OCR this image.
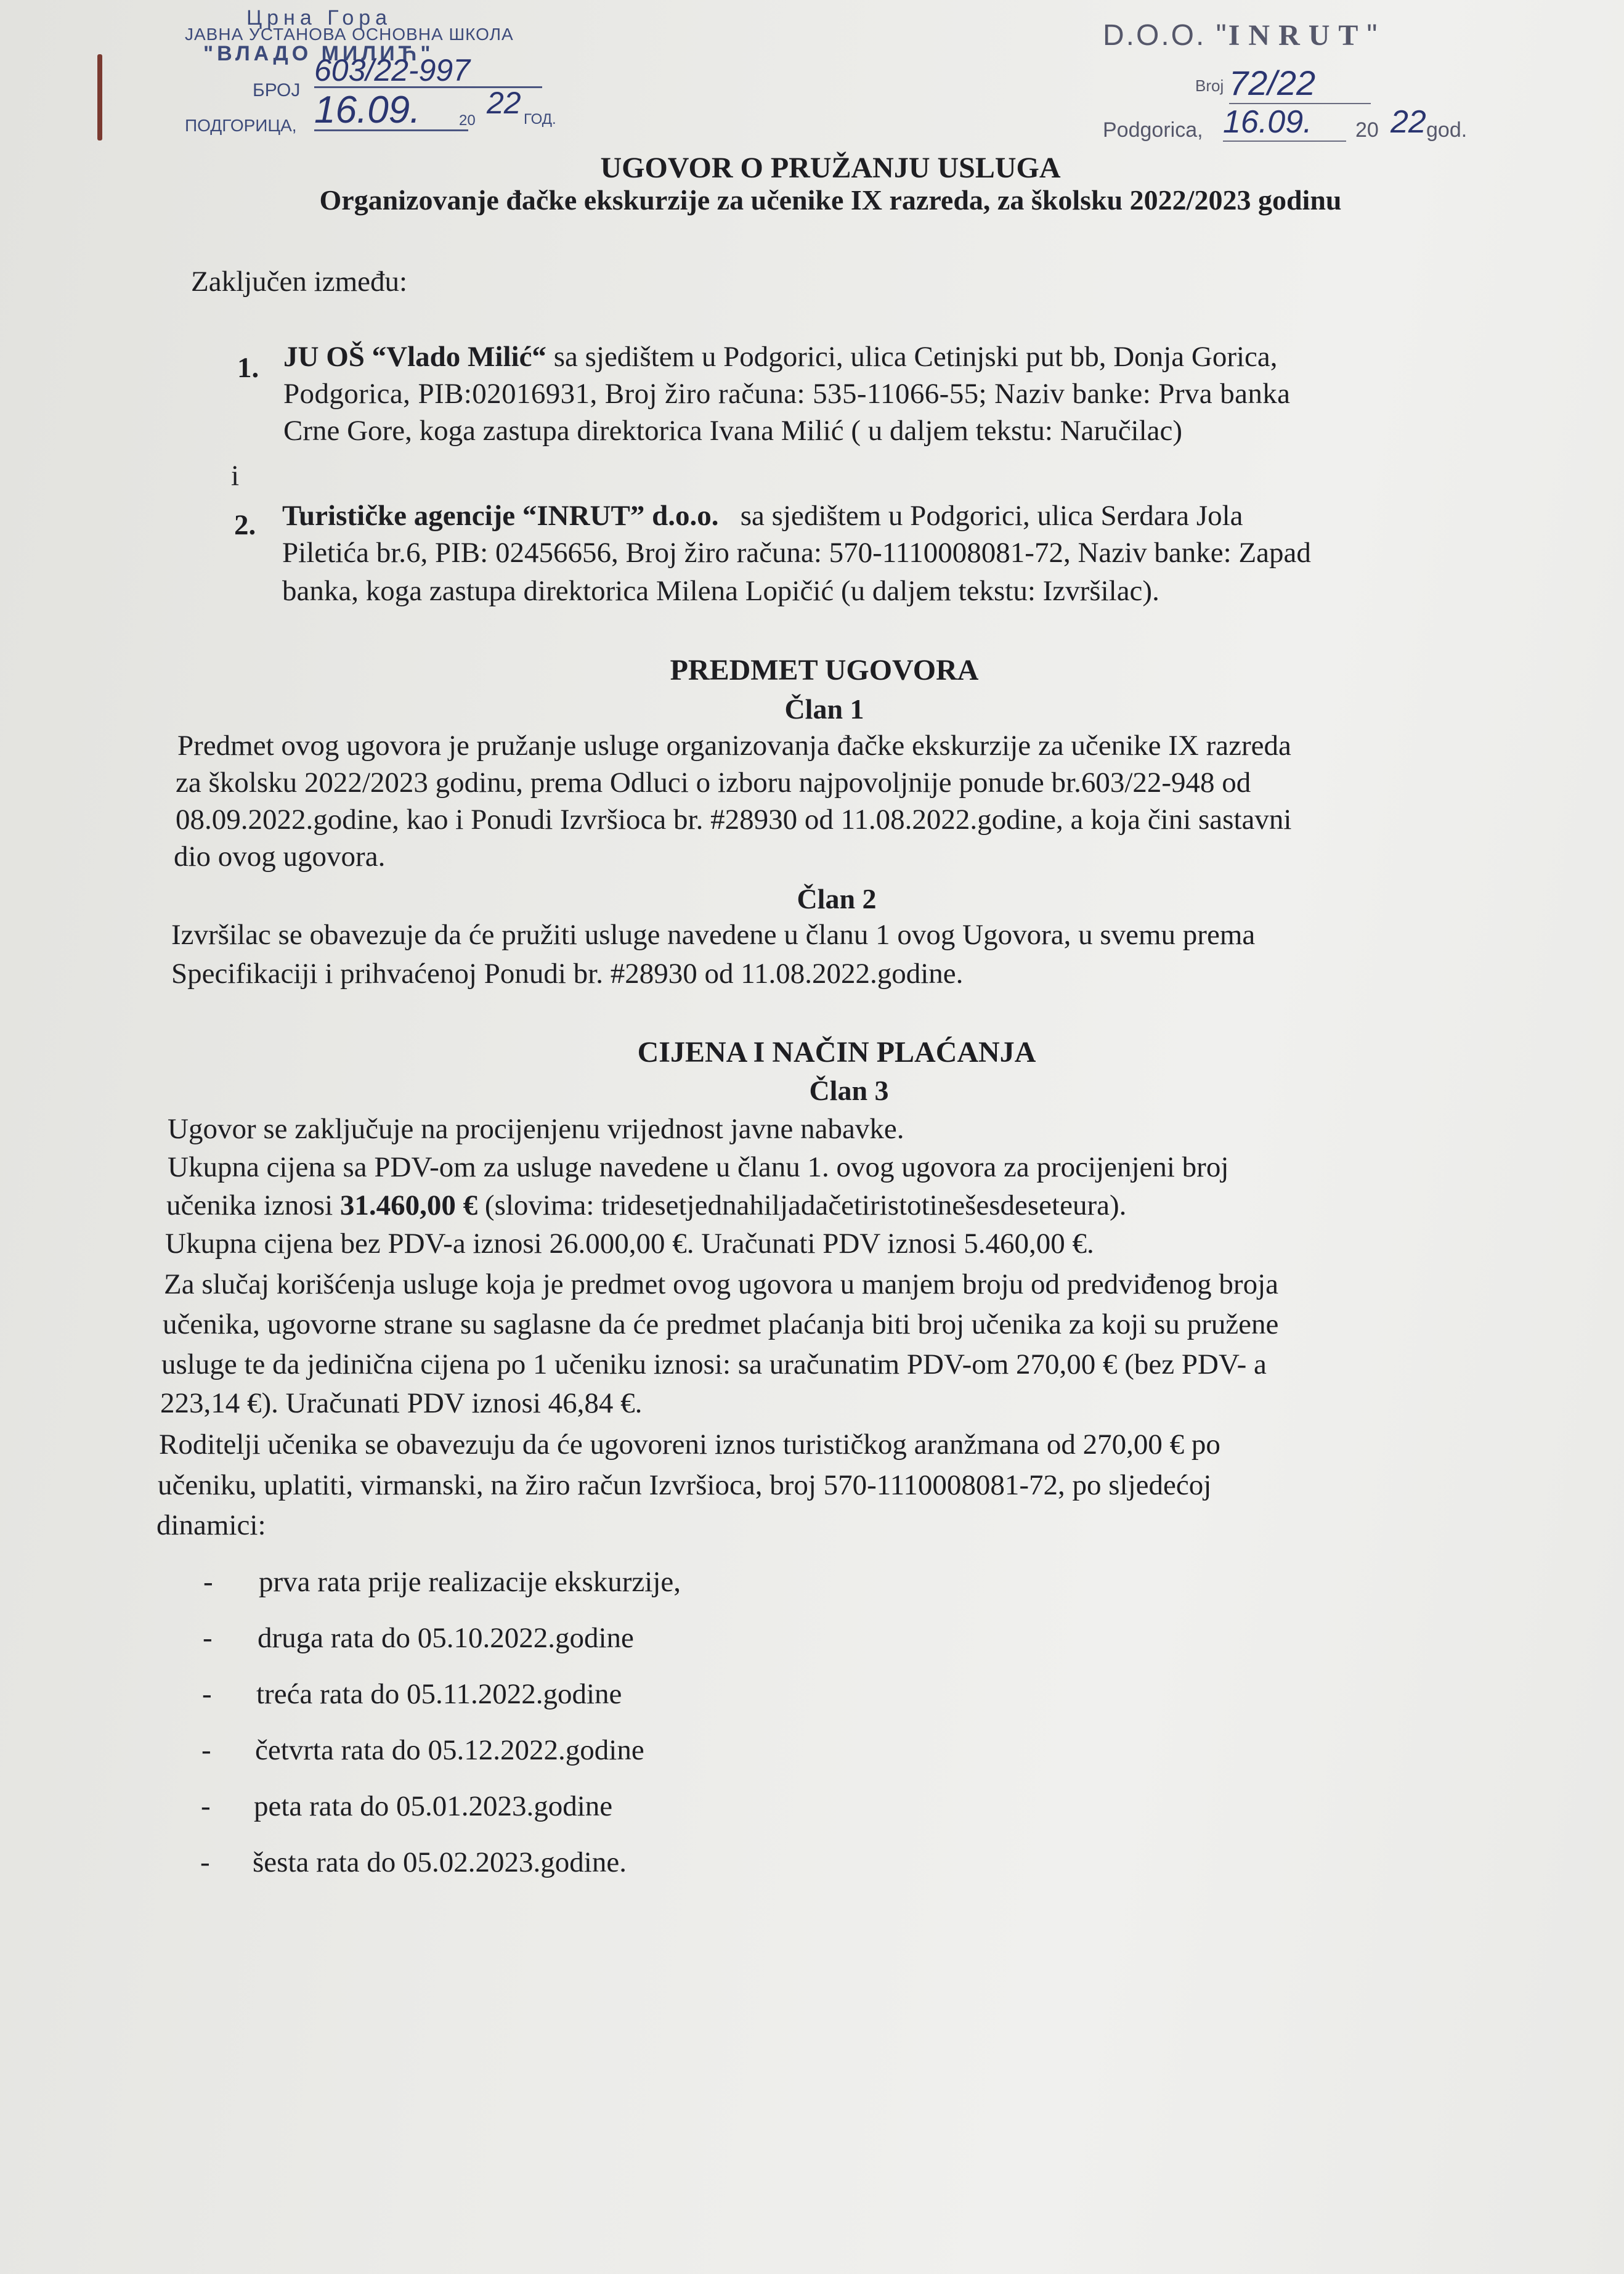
Црна Гора
ЈАВНА УСТАНОВА ОСНОВНА ШКОЛА
"ВЛАДО МИЛИЋ"
БРОЈ
603/22-997
ПОДГОРИЦА, 16.09.	20
22 ГОД.
D.O.O. "INRUT"
Broj 72/22
Podgorica, 16.09.	20 22 god.
UGOVOR O PRUŽANJU USLUGA
Organizovanje đačke ekskurzije za učenike IX razreda, za školsku 2022/2023 godinu
Zaključen između:
1. JU OŠ “Vlado Milić“ sa sjedištem u Podgorici, ulica Cetinjski put bb, Donja Gorica,
Podgorica, PIB:02016931, Broj žiro računa: 535-11066-55; Naziv banke: Prva banka
Crne Gore, koga zastupa direktorica Ivana Milić ( u daljem tekstu: Naručilac)
i
2. Turističke agencije “INRUT” d.o.o. sa sjedištem u Podgorici, ulica Serdara Jola
Piletića br.6, PIB: 02456656, Broj žiro računa: 570-1110008081-72, Naziv banke: Zapad
banka, koga zastupa direktorica Milena Lopičić (u daljem tekstu: Izvršilac).
PREDMET UGOVORA
Član 1
Predmet ovog ugovora je pružanje usluge organizovanja đačke ekskurzije za učenike IX razreda
za školsku 2022/2023 godinu, prema Odluci o izboru najpovoljnije ponude br.603/22-948 od
08.09.2022.godine, kao i Ponudi Izvršioca br. #28930 od 11.08.2022.godine, a koja čini sastavni
dio ovog ugovora.
Član 2
Izvršilac se obavezuje da će pružiti usluge navedene u članu 1 ovog Ugovora, u svemu prema
Specifikaciji i prihvaćenoj Ponudi br. #28930 od 11.08.2022.godine.
CIJENA I NAČIN PLAĆANJA
Član 3
Ugovor se zaključuje na procijenjenu vrijednost javne nabavke.
Ukupna cijena sa PDV-om za usluge navedene u članu 1. ovog ugovora za procijenjeni broj
učenika iznosi 31.460,00 € (slovima: tridesetjednahiljadačetiristotinešesdeseteura).
Ukupna cijena bez PDV-a iznosi 26.000,00 €. Uračunati PDV iznosi 5.460,00 €.
Za slučaj korišćenja usluge koja je predmet ovog ugovora u manjem broju od predviđenog broja
učenika, ugovorne strane su saglasne da će predmet plaćanja biti broj učenika za koji su pružene
usluge te da jedinična cijena po 1 učeniku iznosi: sa uračunatim PDV-om 270,00 € (bez PDV- a
223,14 €). Uračunati PDV iznosi 46,84 €.
Roditelji učenika se obavezuju da će ugovoreni iznos turističkog aranžmana od 270,00 € po
učeniku, uplatiti, virmanski, na žiro račun Izvršioca, broj 570-1110008081-72, po sljedećoj
dinamici:
- prva rata prije realizacije ekskurzije,
- druga rata do 05.10.2022.godine
- treća rata do 05.11.2022.godine
- četvrta rata do 05.12.2022.godine
- peta rata do 05.01.2023.godine
- šesta rata do 05.02.2023.godine.
